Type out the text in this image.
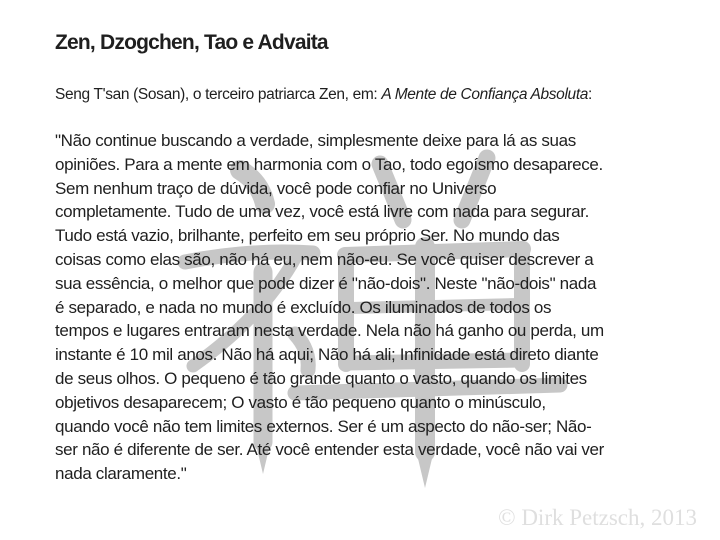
Zen, Dzogchen, Tao e Advaita

Seng T'san (Sosan), o terceiro patriarca Zen, em: A Mente de Confiança Absoluta:

"Não continue buscando a verdade, simplesmente deixe para lá as suas
opiniões. Para a mente em harmonia com o Tao, todo egoísmo desaparece.
Sem nenhum traço de dúvida, você pode confiar no Universo
completamente. Tudo de uma vez, você está livre com nada para segurar.
Tudo está vazio, brilhante, perfeito em seu próprio Ser. No mundo das
coisas como elas são, não há eu, nem não-eu. Se você quiser descrever a
sua essência, o melhor que pode dizer é "não-dois". Neste "não-dois" nada
é separado, e nada no mundo é excluído. Os iluminados de todos os
tempos e lugares entraram nesta verdade. Nela não há ganho ou perda, um
instante é 10 mil anos. Não há aqui; Não há ali; Infinidade está direto diante
de seus olhos. O pequeno é tão grande quanto o vasto, quando os limites
objetivos desaparecem; O vasto é tão pequeno quanto o minúsculo,
quando você não tem limites externos. Ser é um aspecto do não-ser; Não-
ser não é diferente de ser. Até você entender esta verdade, você não vai ver
nada claramente."
© Dirk Petzsch, 2013
